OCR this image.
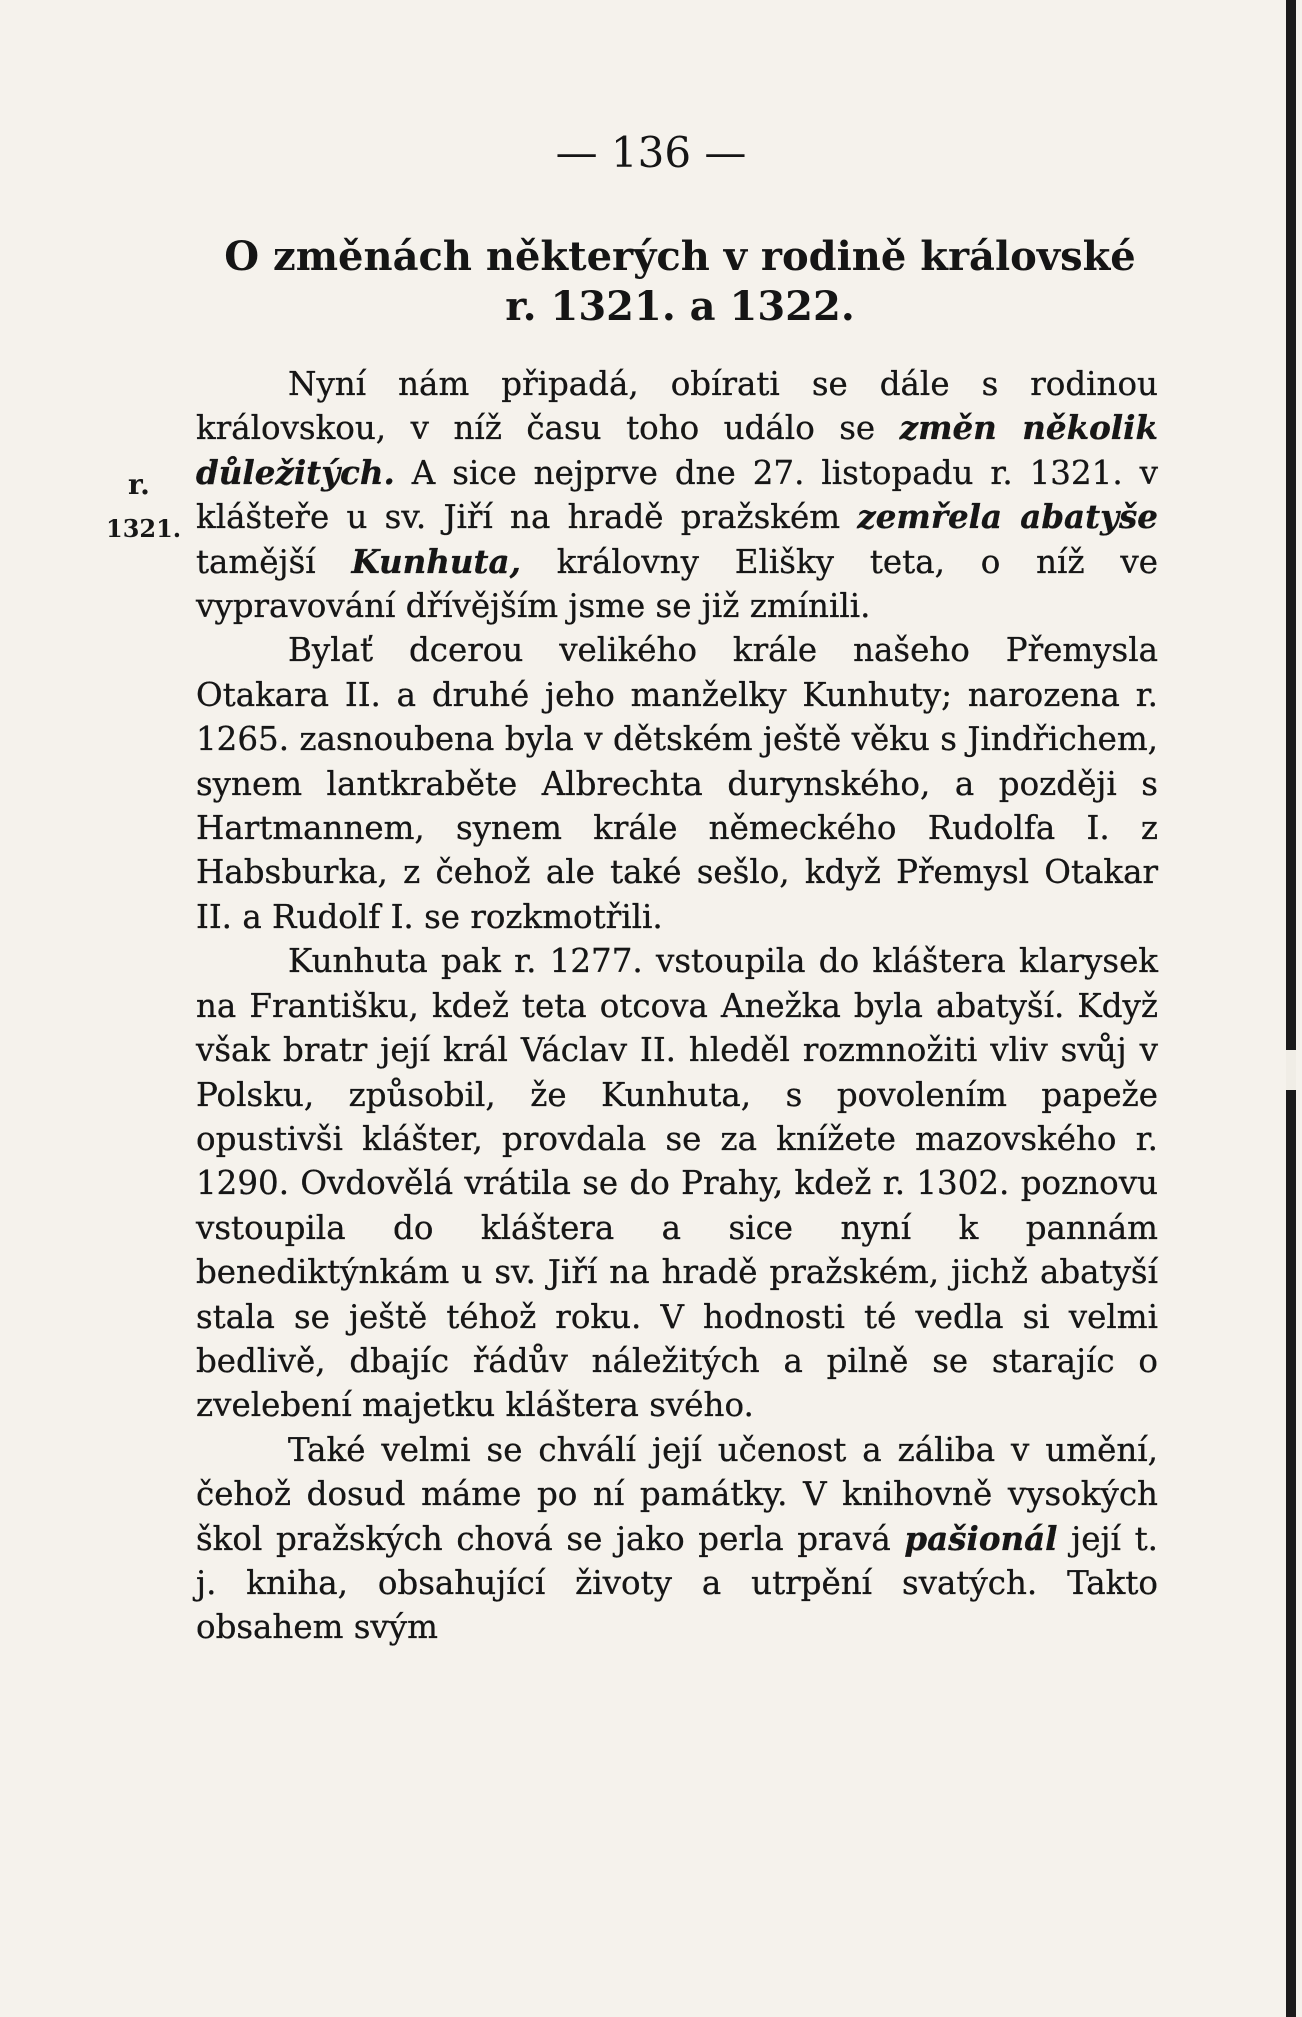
— 136 —
O změnách některých v rodině královské
r. 1321. a 1322.
r.
1321.

Nyní nám připadá, obírati se dále s rodinou královskou, v níž času toho událo se změn několik důležitých. A sice nejprve dne 27. listopadu r. 1321. v klášteře u sv. Jiří na hradě pražském zemřela abatyše tamější Kunhuta, královny Elišky teta, o níž ve vypravování dřívějším jsme se již zmínili.

Bylať dcerou velikého krále našeho Přemysla Otakara II. a druhé jeho manželky Kunhuty; narozena r. 1265. zasnoubena byla v dětském ještě věku s Jindřichem, synem lantkraběte Albrechta durynského, a později s Hartmannem, synem krále německého Rudolfa I. z Habsburka, z čehož ale také sešlo, když Přemysl Otakar II. a Rudolf I. se rozkmotřili.

Kunhuta pak r. 1277. vstoupila do kláštera klarysek na Františku, kdež teta otcova Anežka byla abatyší. Když však bratr její král Václav II. hleděl rozmnožiti vliv svůj v Polsku, způsobil, že Kunhuta, s povolením papeže opustivši klášter, provdala se za knížete mazovského r. 1290. Ovdovělá vrátila se do Prahy, kdež r. 1302. poznovu vstoupila do kláštera a sice nyní k pannám benediktýnkám u sv. Jiří na hradě pražském, jichž abatyší stala se ještě téhož roku. V hodnosti té vedla si velmi bedlivě, dbajíc řádův náležitých a pilně se starajíc o zvelebení majetku kláštera svého.

Také velmi se chválí její učenost a záliba v umění, čehož dosud máme po ní památky. V knihovně vysokých škol pražských chová se jako perla pravá pašionál její t. j. kniha, obsahující životy a utrpění svatých. Takto obsahem svým
